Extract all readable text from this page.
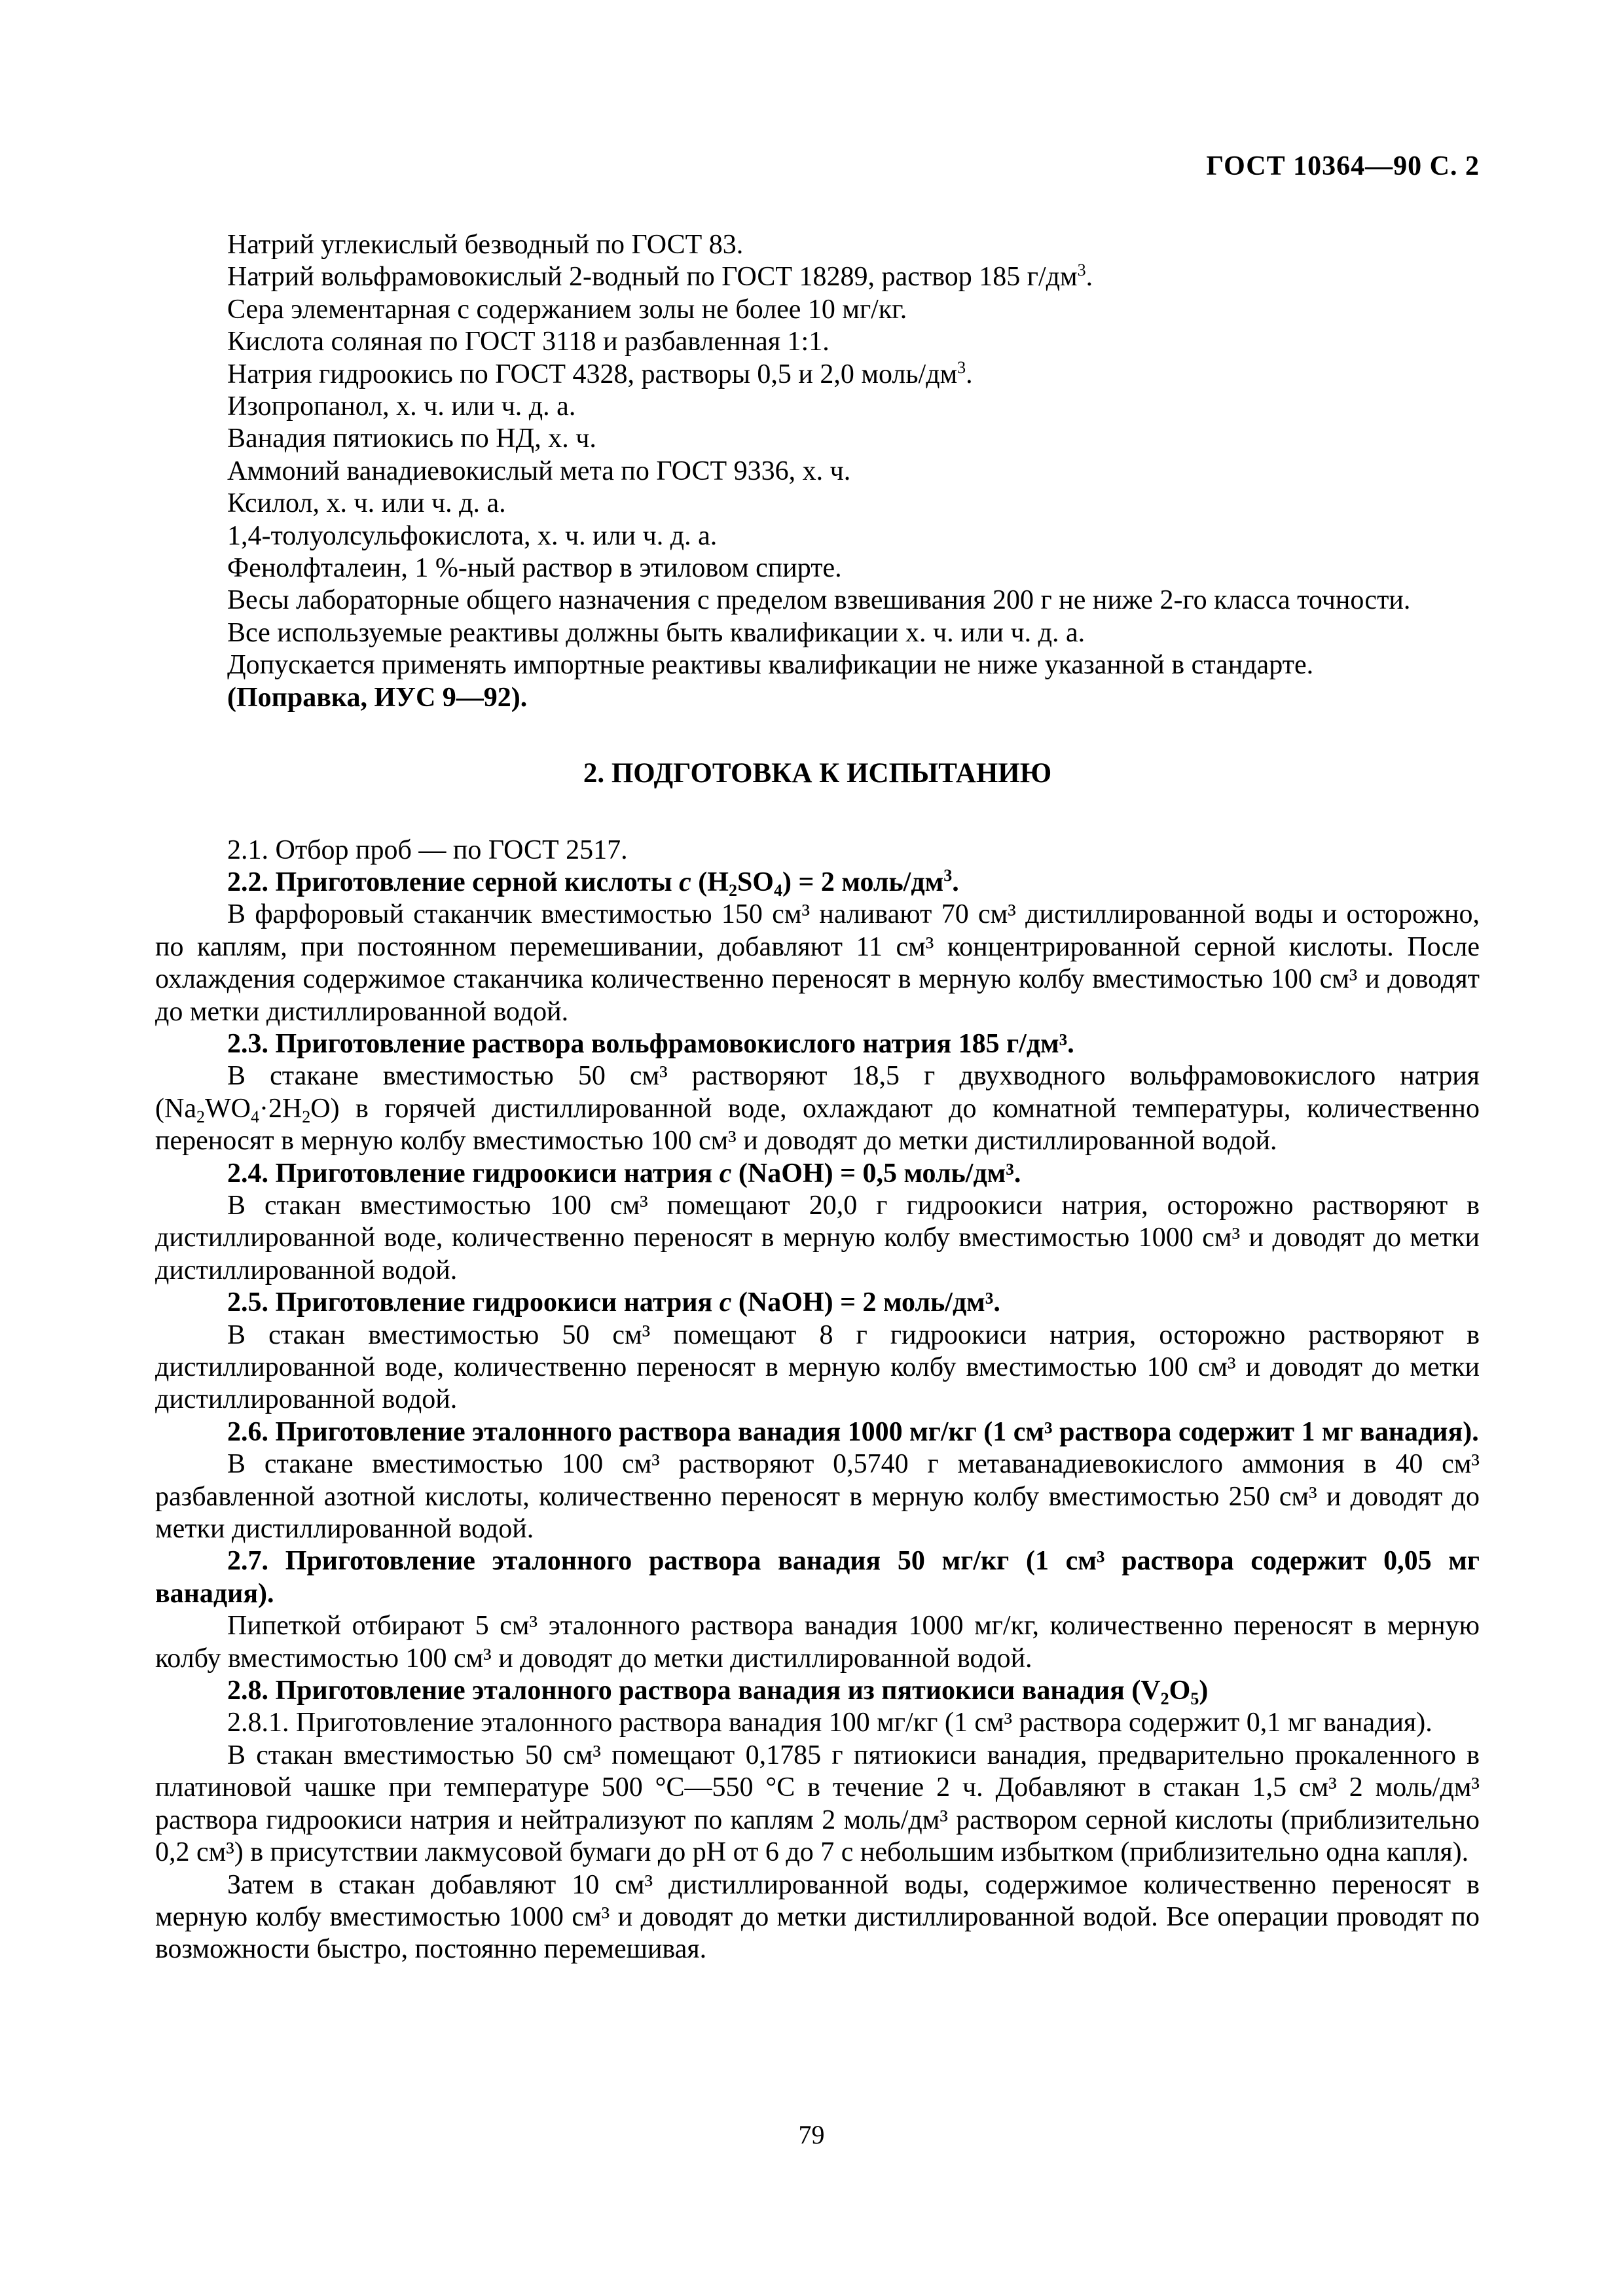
ГОСТ 10364—90 С. 2

Натрий углекислый безводный по ГОСТ 83.

Натрий вольфрамовокислый 2-водный по ГОСТ 18289, раствор 185 $г/дм^3$.

Сера элементарная с содержанием золы не более 10 мг/кг.

Кислота соляная по ГОСТ 3118 и разбавленная 1:1.

Натрия гидроокись по ГОСТ 4328, растворы 0,5 и 2,0 моль/$дм^3$.

Изопропанол, х. ч. или ч. д. а.

Ванадия пятиокись по НД, х. ч.

Аммоний ванадиевокислый мета по ГОСТ 9336, х. ч.

Ксилол, х. ч. или ч. д. а.

1,4-толуолсульфокислота, х. ч. или ч. д. а.

Фенолфталеин, 1 %-ный раствор в этиловом спирте.

Весы лабораторные общего назначения с пределом взвешивания 200 г не ниже 2-го класса точности.

Все используемые реактивы должны быть квалификации х. ч. или ч. д. а.

Допускается применять импортные реактивы квалификации не ниже указанной в стандарте.

(Поправка, ИУС 9—92).

2. ПОДГОТОВКА К ИСПЫТАНИЮ

2.1. Отбор проб — по ГОСТ 2517.

2.2. Приготовление серной кислоты c $(H_2SO_4) = 2$ моль/$дм^3$.

В фарфоровый стаканчик вместимостью 150 см³ наливают 70 см³ дистиллированной воды и осторожно, по каплям, при постоянном перемешивании, добавляют 11 см³ концентрированной серной кислоты. После охлаждения содержимое стаканчика количественно переносят в мерную колбу вместимостью 100 см³ и доводят до метки дистиллированной водой.

2.3. Приготовление раствора вольфрамовокислого натрия 185 г/дм³.

В стакане вместимостью 50 см³ растворяют 18,5 г двухводного вольфрамовокислого натрия $(Na_2WO_4\cdot 2H_2O)$ в горячей дистиллированной воде, охлаждают до комнатной температуры, количественно переносят в мерную колбу вместимостью 100 см³ и доводят до метки дистиллированной водой.

2.4. Приготовление гидроокиси натрия c (NaOH) = 0,5 моль/дм³.

В стакан вместимостью 100 см³ помещают 20,0 г гидроокиси натрия, осторожно растворяют в дистиллированной воде, количественно переносят в мерную колбу вместимостью 1000 см³ и доводят до метки дистиллированной водой.

2.5. Приготовление гидроокиси натрия c (NaOH) = 2 моль/дм³.

В стакан вместимостью 50 см³ помещают 8 г гидроокиси натрия, осторожно растворяют в дистиллированной воде, количественно переносят в мерную колбу вместимостью 100 см³ и доводят до метки дистиллированной водой.

2.6. Приготовление эталонного раствора ванадия 1000 мг/кг (1 см³ раствора содержит 1 мг ванадия).

В стакане вместимостью 100 см³ растворяют 0,5740 г метаванадиевокислого аммония в 40 см³ разбавленной азотной кислоты, количественно переносят в мерную колбу вместимостью 250 см³ и доводят до метки дистиллированной водой.

2.7. Приготовление эталонного раствора ванадия 50 мг/кг (1 см³ раствора содержит 0,05 мг ванадия).

Пипеткой отбирают 5 см³ эталонного раствора ванадия 1000 мг/кг, количественно переносят в мерную колбу вместимостью 100 см³ и доводят до метки дистиллированной водой.

2.8. Приготовление эталонного раствора ванадия из пятиокиси ванадия $(V_2O_5)$

2.8.1. Приготовление эталонного раствора ванадия 100 мг/кг (1 см³ раствора содержит 0,1 мг ванадия).

В стакан вместимостью 50 см³ помещают 0,1785 г пятиокиси ванадия, предварительно прокаленного в платиновой чашке при температуре 500 °С—550 °С в течение 2 ч. Добавляют в стакан 1,5 см³ 2 моль/дм³ раствора гидроокиси натрия и нейтрализуют по каплям 2 моль/дм³ раствором серной кислоты (приблизительно 0,2 см³) в присутствии лакмусовой бумаги до pH от 6 до 7 с небольшим избытком (приблизительно одна капля).

Затем в стакан добавляют 10 см³ дистиллированной воды, содержимое количественно переносят в мерную колбу вместимостью 1000 см³ и доводят до метки дистиллированной водой. Все операции проводят по возможности быстро, постоянно перемешивая.

79
